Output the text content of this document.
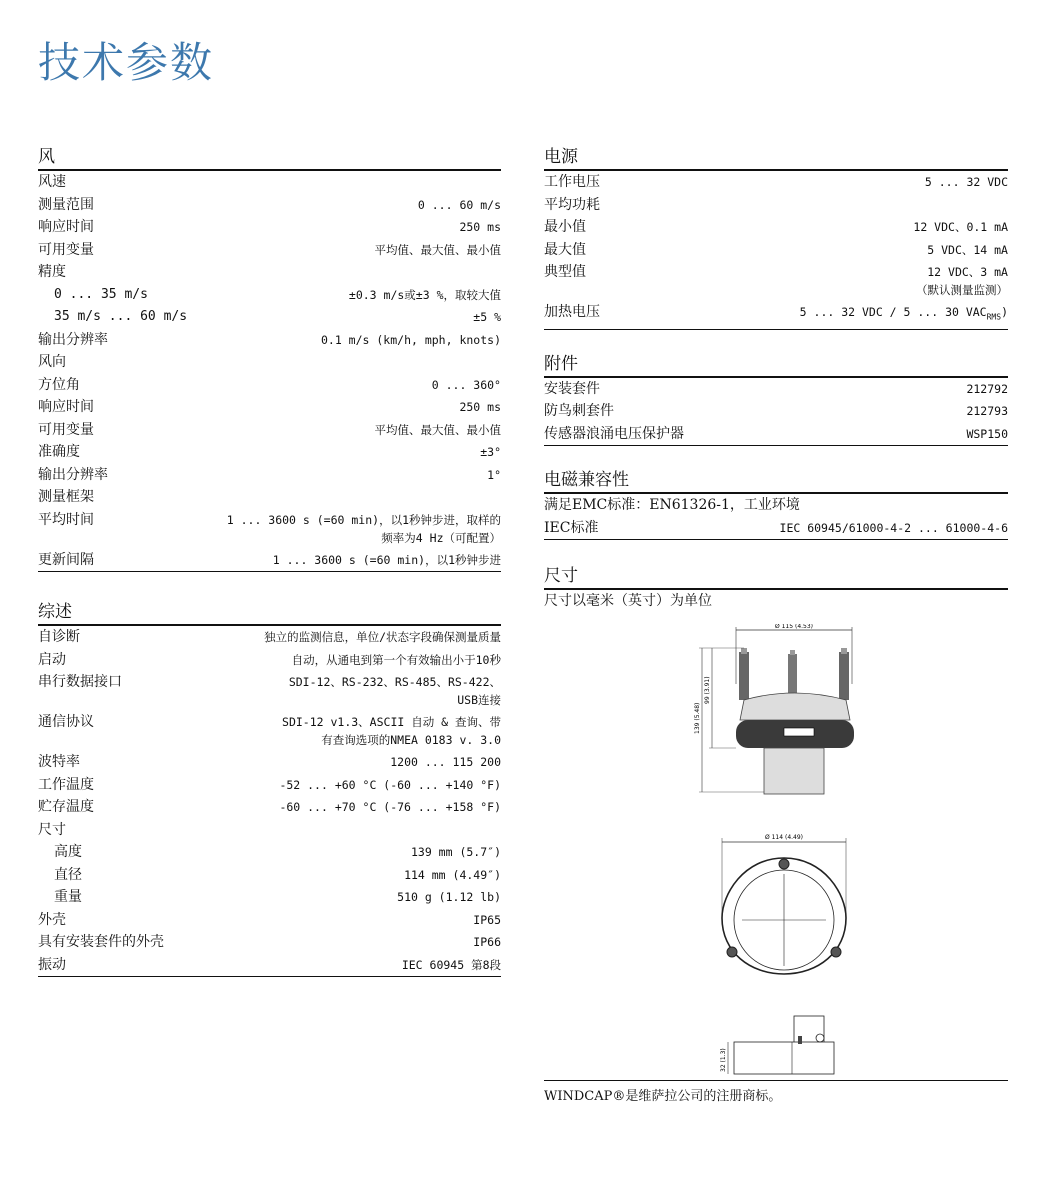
技术参数
风
风速
测量范围	0 ... 60 m/s
响应时间	250 ms
可用变量	平均值、最大值、最小值
精度
0 ... 35 m/s	±0.3 m/s或±3 %，取较大值
35 m/s ... 60 m/s	±5 %
输出分辨率	0.1 m/s (km/h, mph, knots)
风向
方位角	0 ... 360°
响应时间	250 ms
可用变量	平均值、最大值、最小值
准确度	±3°
输出分辨率	1°
测量框架
平均时间	1 ... 3600 s (=60 min)，以1秒钟步进，取样的
频率为4 Hz（可配置）
更新间隔	1 ... 3600 s (=60 min)，以1秒钟步进
综述
自诊断	独立的监测信息，单位/状态字段确保测量质量
启动	自动，从通电到第一个有效输出小于10秒
串行数据接口	SDI-12、RS-232、RS-485、RS-422、
USB连接
通信协议	SDI-12 v1.3、ASCII 自动 & 查询、带
有查询选项的NMEA 0183 v. 3.0
波特率	1200 ... 115 200
工作温度	-52 ... +60 °C (-60 ... +140 °F)
贮存温度	-60 ... +70 °C (-76 ... +158 °F)
尺寸
高度	139 mm (5.7″)
直径	114 mm (4.49″)
重量	510 g (1.12 lb)
外壳	IP65
具有安装套件的外壳	IP66
振动	IEC 60945 第8段
电源
工作电压	5 ... 32 VDC
平均功耗
最小值	12 VDC、0.1 mA
最大值	5 VDC、14 mA
典型值	12 VDC、3 mA
（默认测量监测）
加热电压	5 ... 32 VDC / 5 ... 30 $VAC_{RMS}$)
附件
安装套件	212792
防鸟刺套件	212793
传感器浪涌电压保护器	WSP150
电磁兼容性
满足EMC标准：EN61326-1，工业环境
IEC标准	IEC 60945/61000-4-2 ... 61000-4-6
尺寸
尺寸以毫米（英寸）为单位
Ø 115 (4.53)
139 (5.48)
99 (3.91)
Ø 114 (4.49)
32 (1.3)
WINDCAP®是维萨拉公司的注册商标。
